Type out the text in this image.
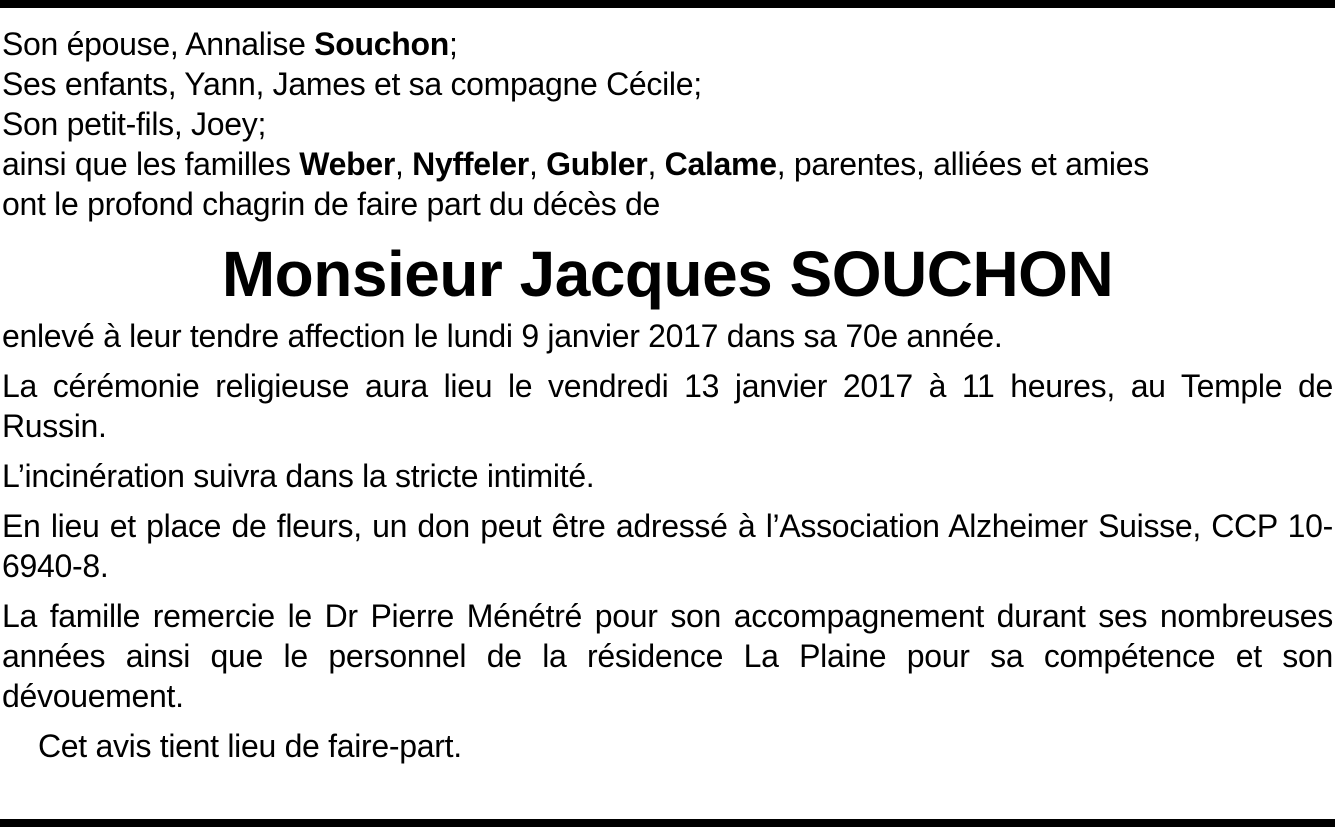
Son épouse, Annalise Souchon;

Ses enfants, Yann, James et sa compagne Cécile;

Son petit-fils, Joey;

ainsi que les familles Weber, Nyffeler, Gubler, Calame, parentes, alliées et amies

ont le profond chagrin de faire part du décès de

Monsieur Jacques SOUCHON

enlevé à leur tendre affection le lundi 9 janvier 2017 dans sa 70e année.

La cérémonie religieuse aura lieu le vendredi 13 janvier 2017 à 11 heures, au Temple de Russin.

L’incinération suivra dans la stricte intimité.

En lieu et place de fleurs, un don peut être adressé à l’Association Alzheimer Suisse, CCP 10-6940-8.

La famille remercie le Dr Pierre Ménétré pour son accompagnement durant ses nombreuses années ainsi que le personnel de la résidence La Plaine pour sa compétence et son dévouement.

Cet avis tient lieu de faire-part.
